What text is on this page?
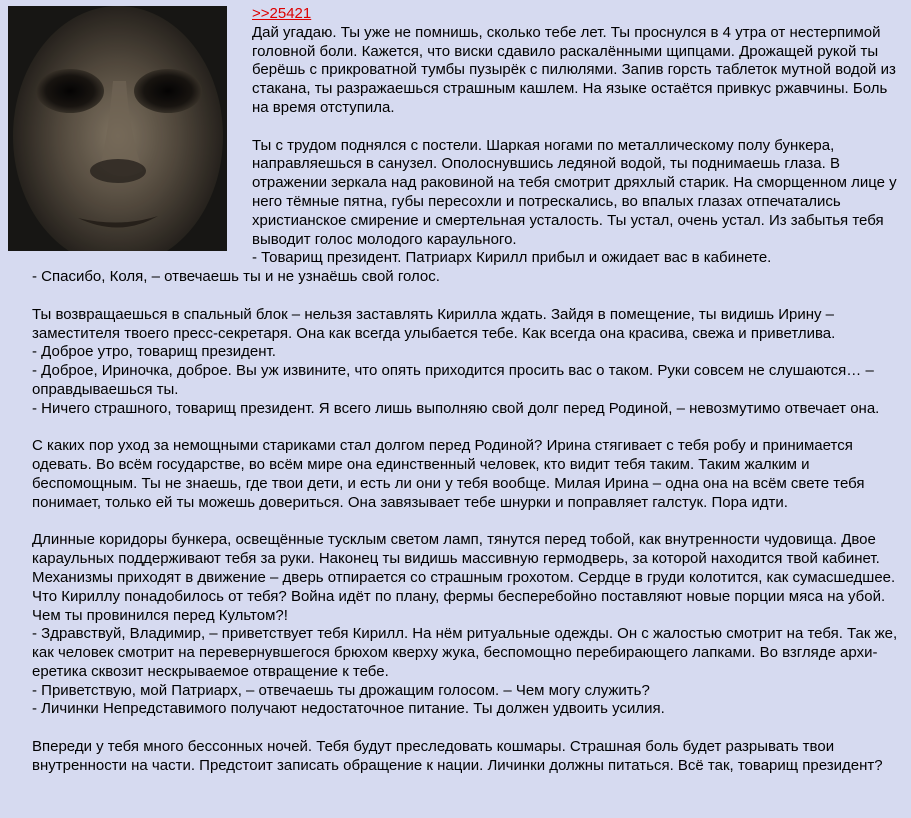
>>25421

Дай угадаю. Ты уже не помнишь, сколько тебе лет. Ты проснулся в 4 утра от нестерпимой головной боли. Кажется, что виски сдавило раскалёнными щипцами. Дрожащей рукой ты берёшь с прикроватной тумбы пузырёк с пилюлями. Запив горсть таблеток мутной водой из стакана, ты разражаешься страшным кашлем. На языке остаётся привкус ржавчины. Боль на время отступила.

Ты с трудом поднялся с постели. Шаркая ногами по металлическому полу бункера, направляешься в санузел. Ополоснувшись ледяной водой, ты поднимаешь глаза. В отражении зеркала над раковиной на тебя смотрит дряхлый старик. На сморщенном лице у него тёмные пятна, губы пересохли и потрескались, во впалых глазах отпечатались христианское смирение и смертельная усталость. Ты устал, очень устал. Из забытья тебя выводит голос молодого караульного.

- Товарищ президент. Патриарх Кирилл прибыл и ожидает вас в кабинете.

- Спасибо, Коля, – отвечаешь ты и не узнаёшь свой голос.

Ты возвращаешься в спальный блок – нельзя заставлять Кирилла ждать. Зайдя в помещение, ты видишь Ирину – заместителя твоего пресс-секретаря. Она как всегда улыбается тебе. Как всегда она красива, свежа и приветлива.

- Доброе утро, товарищ президент.

- Доброе, Ириночка, доброе. Вы уж извините, что опять приходится просить вас о таком. Руки совсем не слушаются… – оправдываешься ты.

- Ничего страшного, товарищ президент. Я всего лишь выполняю свой долг перед Родиной, – невозмутимо отвечает она.

С каких пор уход за немощными стариками стал долгом перед Родиной? Ирина стягивает с тебя робу и принимается одевать. Во всём государстве, во всём мире она единственный человек, кто видит тебя таким. Таким жалким и беспомощным. Ты не знаешь, где твои дети, и есть ли они у тебя вообще. Милая Ирина – одна она на всём свете тебя понимает, только ей ты можешь довериться. Она завязывает тебе шнурки и поправляет галстук. Пора идти.

Длинные коридоры бункера, освещённые тусклым светом ламп, тянутся перед тобой, как внутренности чудовища. Двое караульных поддерживают тебя за руки. Наконец ты видишь массивную гермодверь, за которой находится твой кабинет. Механизмы приходят в движение – дверь отпирается со страшным грохотом. Сердце в груди колотится, как сумасшедшее. Что Кириллу понадобилось от тебя? Война идёт по плану, фермы бесперебойно поставляют новые порции мяса на убой. Чем ты провинился перед Культом?!

- Здравствуй, Владимир, – приветствует тебя Кирилл. На нём ритуальные одежды. Он с жалостью смотрит на тебя. Так же, как человек смотрит на перевернувшегося брюхом кверху жука, беспомощно перебирающего лапками. Во взгляде архи-еретика сквозит нескрываемое отвращение к тебе.

- Приветствую, мой Патриарх, – отвечаешь ты дрожащим голосом. – Чем могу служить?

- Личинки Непредставимого получают недостаточное питание. Ты должен удвоить усилия.

Впереди у тебя много бессонных ночей. Тебя будут преследовать кошмары. Страшная боль будет разрывать твои внутренности на части. Предстоит записать обращение к нации. Личинки должны питаться. Всё так, товарищ президент?
